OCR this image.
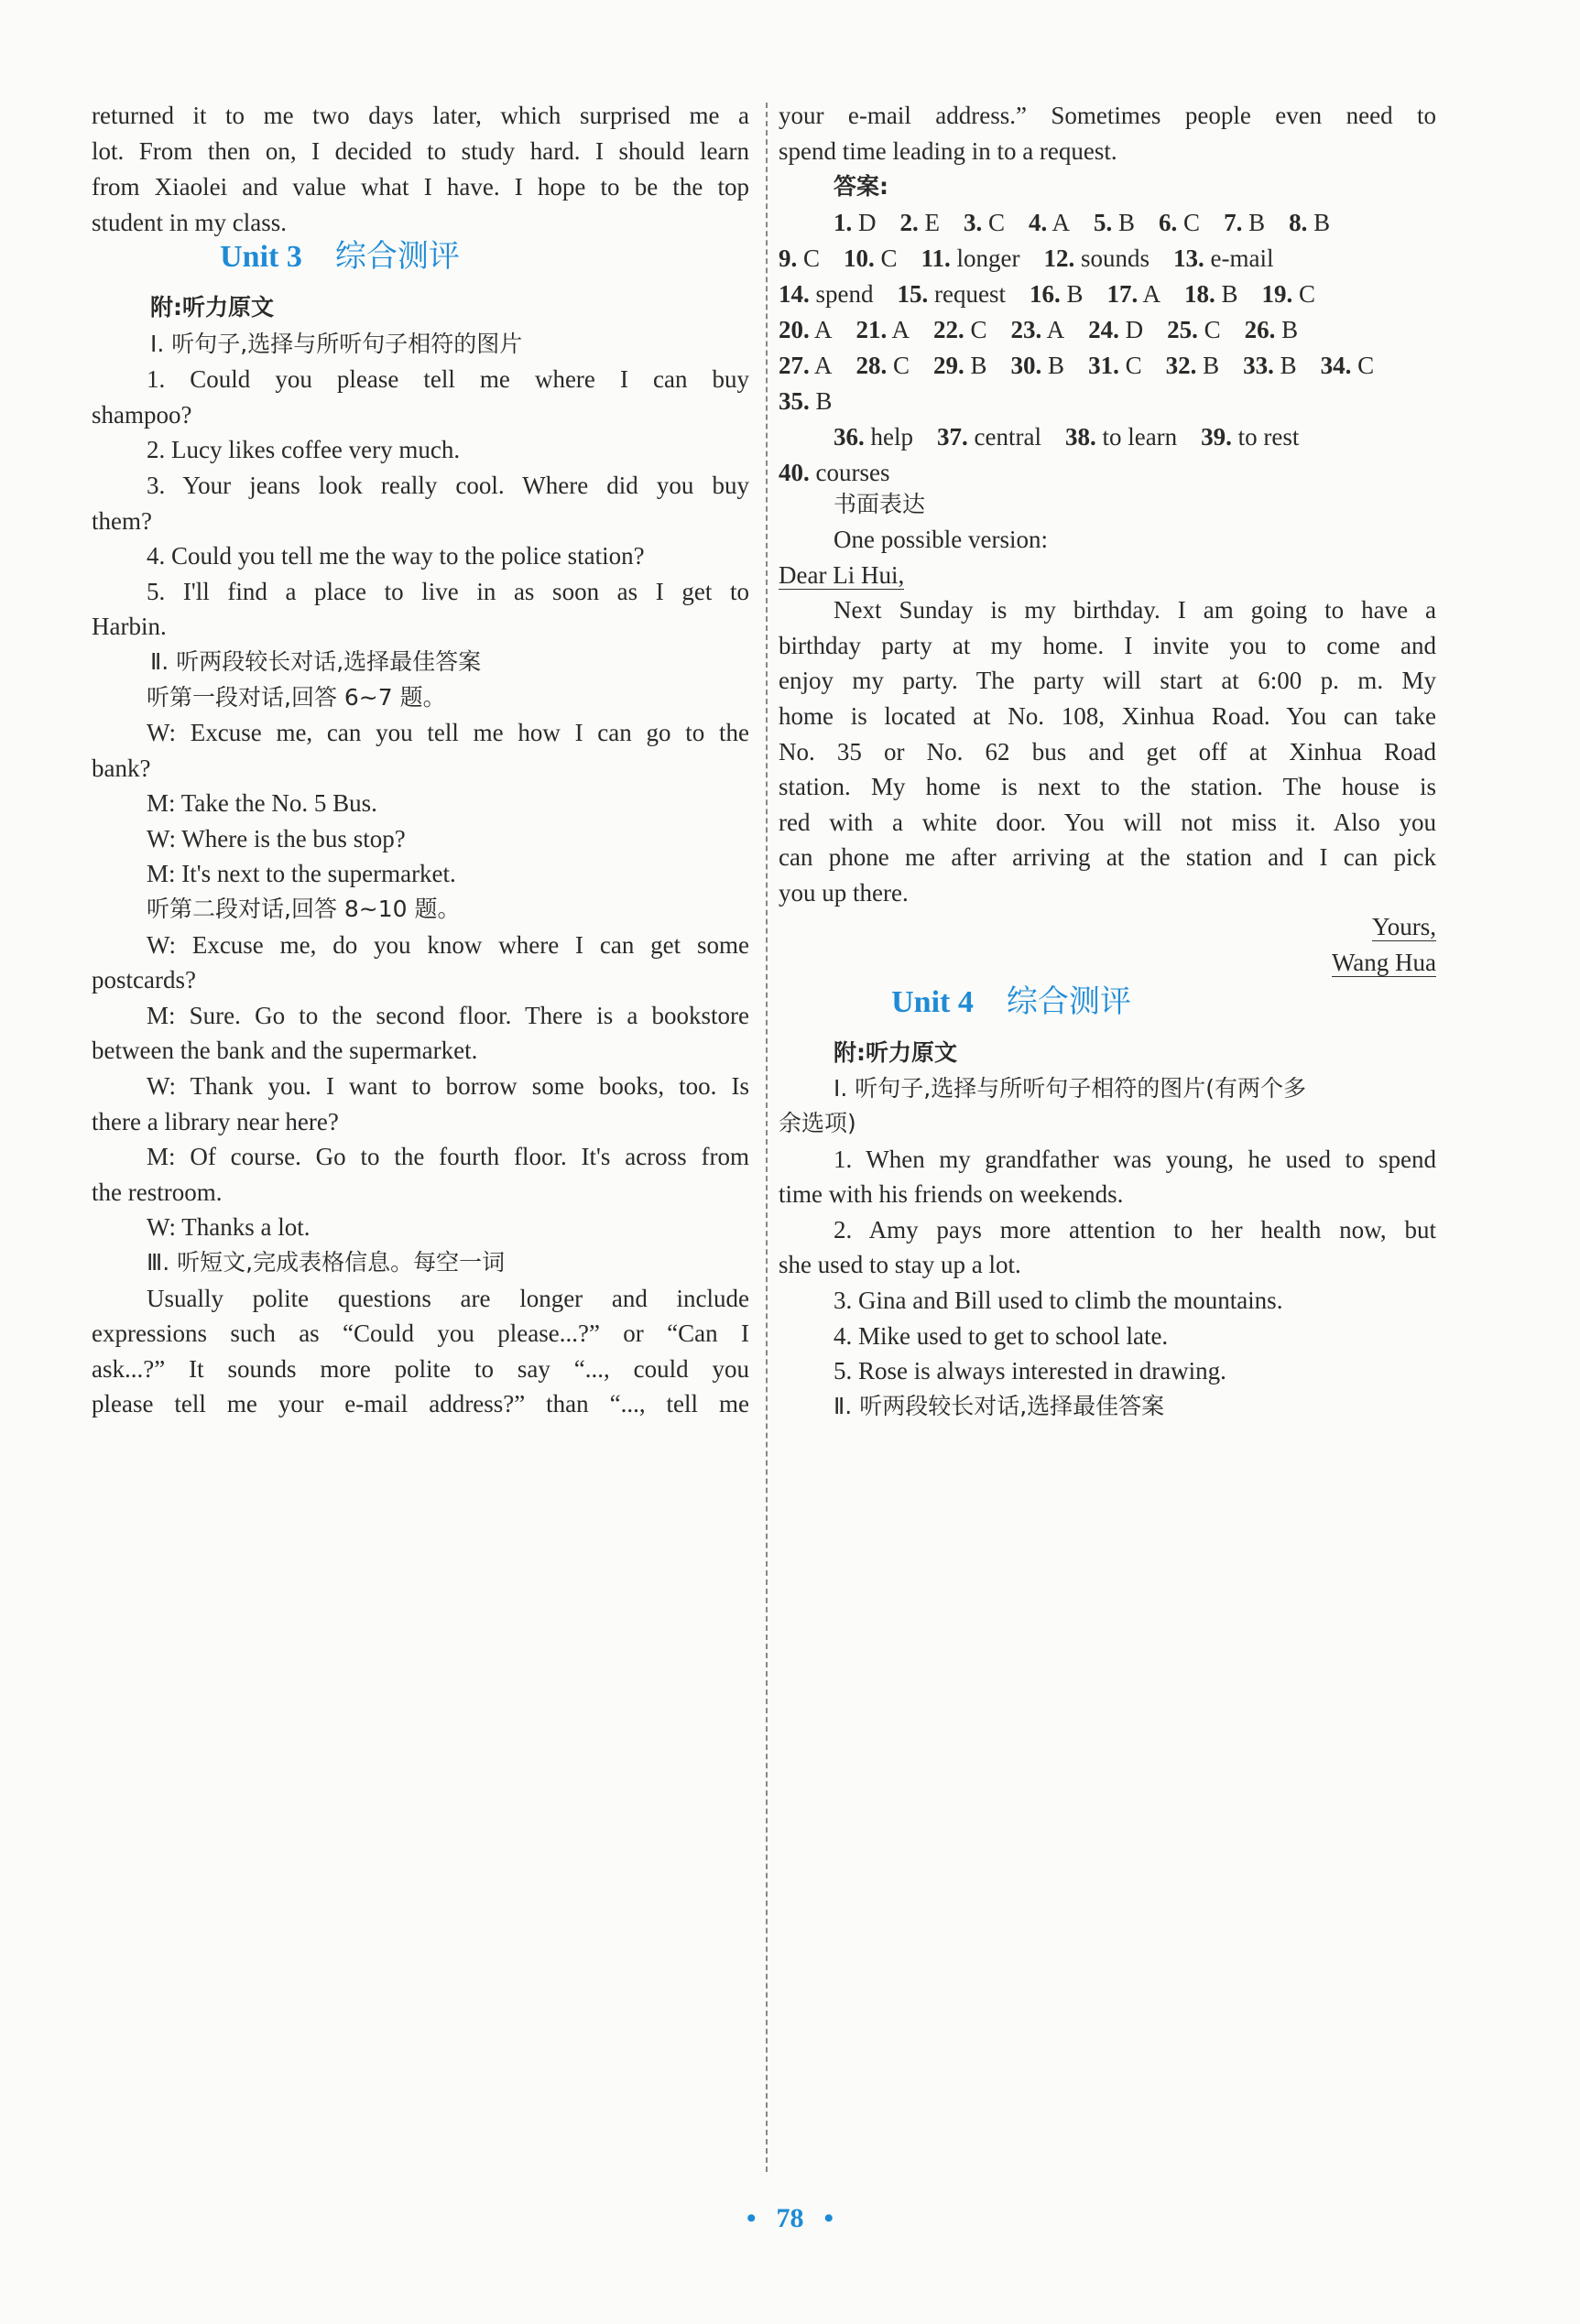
returned it to me two days later, which surprised me a
lot. From then on, I decided to study hard. I should learn
from Xiaolei and value what I have. I hope to be the top
student in my class.
Unit 3 综合测评
附:听力原文
Ⅰ. 听句子,选择与所听句子相符的图片
1. Could you please tell me where I can buy
shampoo?
2. Lucy likes coffee very much.
3. Your jeans look really cool. Where did you buy
them?
4. Could you tell me the way to the police station?
5. I'll find a place to live in as soon as I get to
Harbin.
Ⅱ. 听两段较长对话,选择最佳答案
听第一段对话,回答 6~7 题。
W: Excuse me, can you tell me how I can go to the
bank?
M: Take the No. 5 Bus.
W: Where is the bus stop?
M: It's next to the supermarket.
听第二段对话,回答 8~10 题。
W: Excuse me, do you know where I can get some
postcards?
M: Sure. Go to the second floor. There is a bookstore
between the bank and the supermarket.
W: Thank you. I want to borrow some books, too. Is
there a library near here?
M: Of course. Go to the fourth floor. It's across from
the restroom.
W: Thanks a lot.
Ⅲ. 听短文,完成表格信息。每空一词
Usually polite questions are longer and include
expressions such as “Could you please...?” or “Can I
ask...?” It sounds more polite to say “..., could you
please tell me your e-mail address?” than “..., tell me
your e-mail address.” Sometimes people even need to
spend time leading in to a request.
答案:
1. D 2. E 3. C 4. A 5. B 6. C 7. B 8. B
9. C 10. C 11. longer 12. sounds 13. e-mail
14. spend 15. request 16. B 17. A 18. B 19. C
20. A 21. A 22. C 23. A 24. D 25. C 26. B
27. A 28. C 29. B 30. B 31. C 32. B 33. B 34. C
35. B
36. help 37. central 38. to learn 39. to rest
40. courses
书面表达
One possible version:
Dear Li Hui,
Next Sunday is my birthday. I am going to have a
birthday party at my home. I invite you to come and
enjoy my party. The party will start at 6:00 p. m. My
home is located at No. 108, Xinhua Road. You can take
No. 35 or No. 62 bus and get off at Xinhua Road
station. My home is next to the station. The house is
red with a white door. You will not miss it. Also you
can phone me after arriving at the station and I can pick
you up there.
Yours,
Wang Hua
Unit 4 综合测评
附:听力原文
Ⅰ. 听句子,选择与所听句子相符的图片(有两个多
余选项)
1. When my grandfather was young, he used to spend
time with his friends on weekends.
2. Amy pays more attention to her health now, but
she used to stay up a lot.
3. Gina and Bill used to climb the mountains.
4. Mike used to get to school late.
5. Rose is always interested in drawing.
Ⅱ. 听两段较长对话,选择最佳答案
• 78 •
